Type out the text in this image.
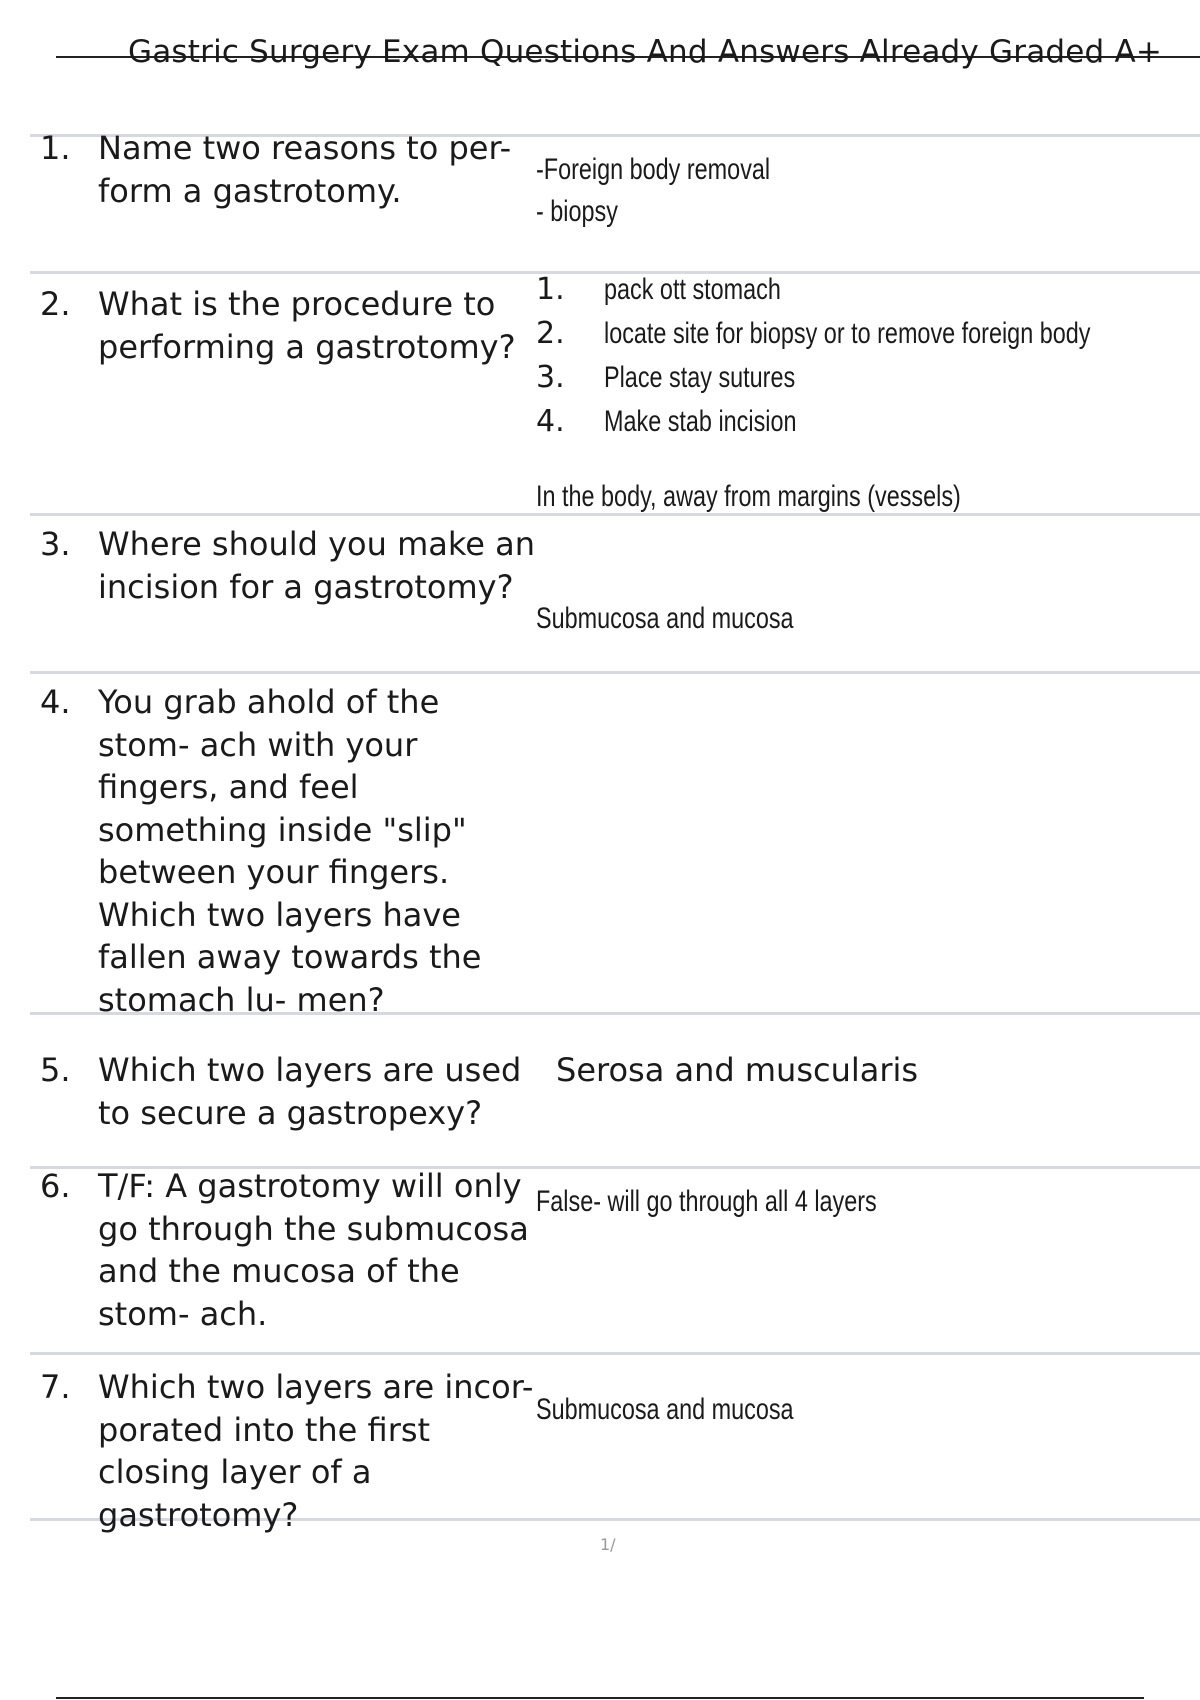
Gastric Surgery Exam Questions And Answers Already Graded A+
1. Name two reasons to per- form a gastrotomy.
-Foreign body removal
- biopsy
2. What is the procedure to performing a gastrotomy?
1. pack ott stomach
2. locate site for biopsy or to remove foreign body
3. Place stay sutures
4. Make stab incision
In the body, away from margins (vessels)
3. Where should you make an incision for a gastrotomy?
Submucosa and mucosa
4. You grab ahold of the stom- ach with your fingers, and feel something inside "slip" between your fingers. Which two layers have fallen away towards the stomach lu- men?
5. Which two layers are used to secure a gastropexy?
Serosa and muscularis
6. T/F: A gastrotomy will only go through the submucosa and the mucosa of the stom- ach.
False- will go through all 4 layers
7. Which two layers are incor- porated into the first closing layer of a gastrotomy?
Submucosa and mucosa
1/
